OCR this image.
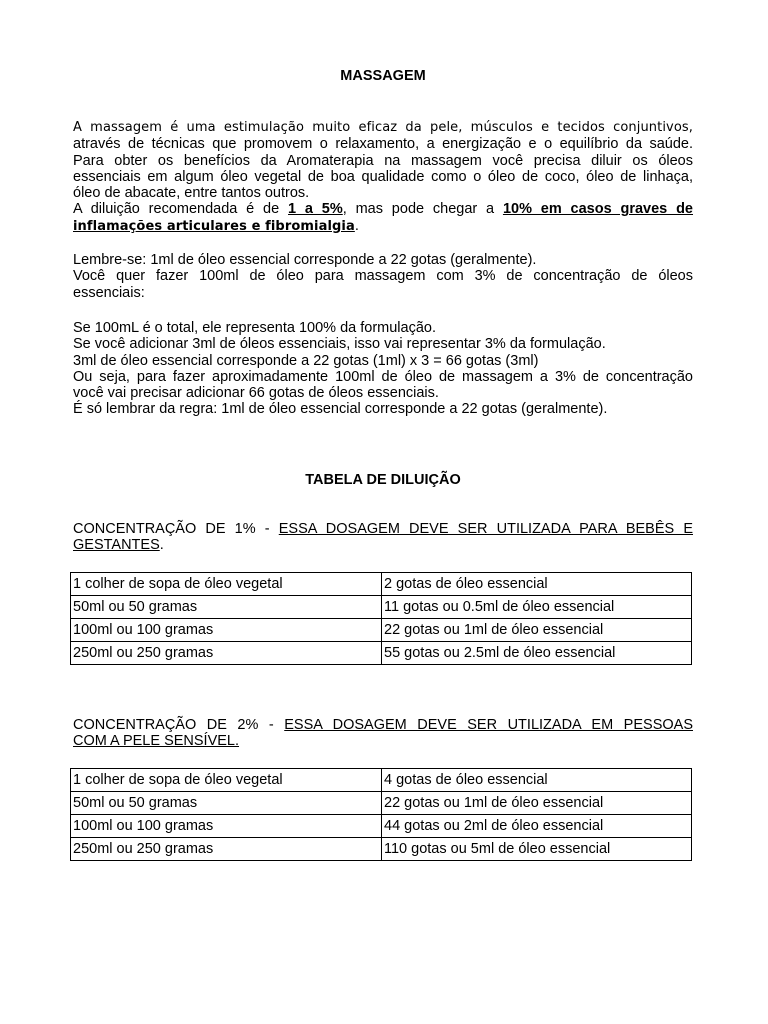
MASSAGEM

A massagem é uma estimulação muito eficaz da pele, músculos e tecidos conjuntivos,
através de técnicas que promovem o relaxamento, a energização e o equilíbrio da saúde.
Para obter os benefícios da Aromaterapia na massagem você precisa diluir os óleos
essenciais em algum óleo vegetal de boa qualidade como o óleo de coco, óleo de linhaça,
óleo de abacate, entre tantos outros.
A diluição recomendada é de 1 a 5%, mas pode chegar a 10% em casos graves de
inflamações articulares e fibromialgia.

Lembre-se: 1ml de óleo essencial corresponde a 22 gotas (geralmente).
Você quer fazer 100ml de óleo para massagem com 3% de concentração de óleos
essenciais:

Se 100mL é o total, ele representa 100% da formulação.
Se você adicionar 3ml de óleos essenciais, isso vai representar 3% da formulação.
3ml de óleo essencial corresponde a 22 gotas (1ml) x 3 = 66 gotas (3ml)
Ou seja, para fazer aproximadamente 100ml de óleo de massagem a 3% de concentração
você vai precisar adicionar 66 gotas de óleos essenciais.
É só lembrar da regra: 1ml de óleo essencial corresponde a 22 gotas (geralmente).

TABELA DE DILUIÇÃO

CONCENTRAÇÃO DE 1% - ESSA DOSAGEM DEVE SER UTILIZADA PARA BEBÊS E
GESTANTES.

1 colher de sopa de óleo vegetal	2 gotas de óleo essencial
50ml ou 50 gramas	11 gotas ou 0.5ml de óleo essencial
100ml ou 100 gramas	22 gotas ou 1ml de óleo essencial
250ml ou 250 gramas	55 gotas ou 2.5ml de óleo essencial

CONCENTRAÇÃO DE 2% - ESSA DOSAGEM DEVE SER UTILIZADA EM PESSOAS
COM A PELE SENSÍVEL.

1 colher de sopa de óleo vegetal	4 gotas de óleo essencial
50ml ou 50 gramas	22 gotas ou 1ml de óleo essencial
100ml ou 100 gramas	44 gotas ou 2ml de óleo essencial
250ml ou 250 gramas	110 gotas ou 5ml de óleo essencial
